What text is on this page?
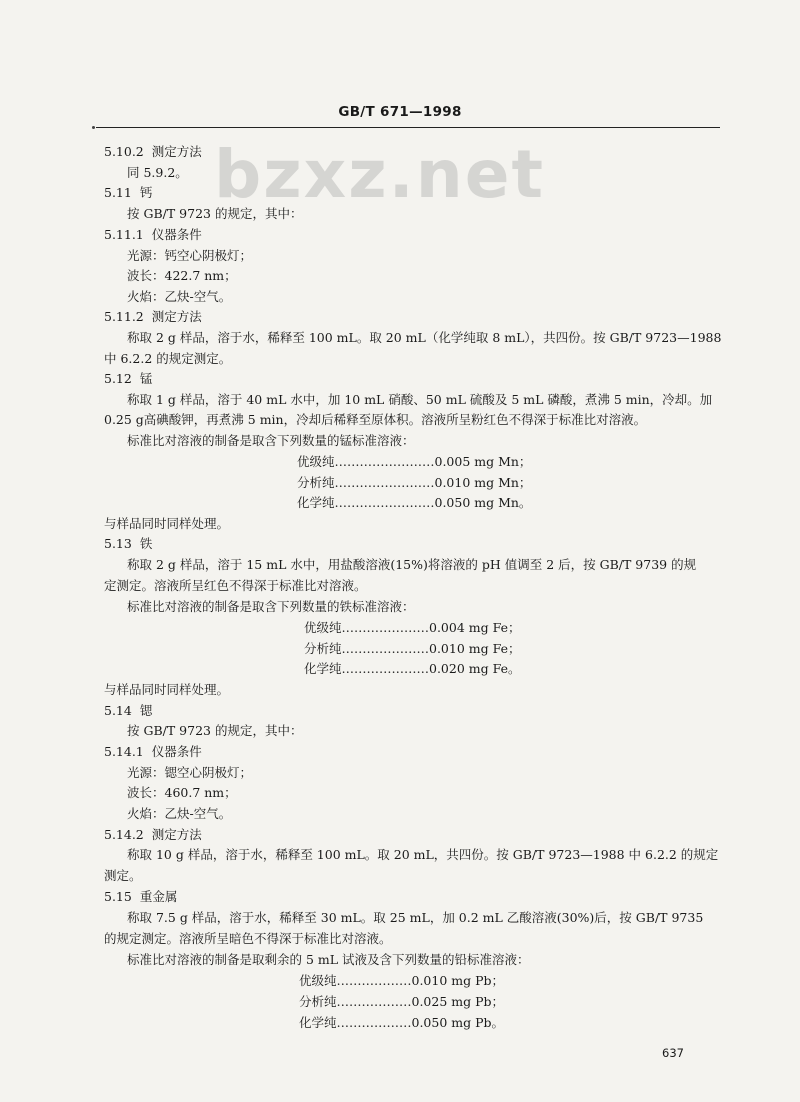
bzxz.net
GB/T 671—1998
5.10.2 测定方法
同 5.9.2。
5.11 钙
按 GB/T 9723 的规定，其中：
5.11.1 仪器条件
光源：钙空心阴极灯；
波长：422.7 nm；
火焰：乙炔-空气。
5.11.2 测定方法
称取 2 g 样品，溶于水，稀释至 100 mL。取 20 mL（化学纯取 8 mL），共四份。按 GB/T 9723—1988
中 6.2.2 的规定测定。
5.12 锰
称取 1 g 样品，溶于 40 mL 水中，加 10 mL 硝酸、50 mL 硫酸及 5 mL 磷酸，煮沸 5 min，冷却。加
0.25 g高碘酸钾，再煮沸 5 min，冷却后稀释至原体积。溶液所呈粉红色不得深于标准比对溶液。
标准比对溶液的制备是取含下列数量的锰标准溶液：
优级纯……………………0.005 mg Mn；
分析纯……………………0.010 mg Mn；
化学纯……………………0.050 mg Mn。
与样品同时同样处理。
5.13 铁
称取 2 g 样品，溶于 15 mL 水中，用盐酸溶液(15%)将溶液的 pH 值调至 2 后，按 GB/T 9739 的规
定测定。溶液所呈红色不得深于标准比对溶液。
标准比对溶液的制备是取含下列数量的铁标准溶液：
优级纯…………………0.004 mg Fe；
分析纯…………………0.010 mg Fe；
化学纯…………………0.020 mg Fe。
与样品同时同样处理。
5.14 锶
按 GB/T 9723 的规定，其中：
5.14.1 仪器条件
光源：锶空心阴极灯；
波长：460.7 nm；
火焰：乙炔-空气。
5.14.2 测定方法
称取 10 g 样品，溶于水，稀释至 100 mL。取 20 mL，共四份。按 GB/T 9723—1988 中 6.2.2 的规定
测定。
5.15 重金属
称取 7.5 g 样品，溶于水，稀释至 30 mL。取 25 mL，加 0.2 mL 乙酸溶液(30%)后，按 GB/T 9735
的规定测定。溶液所呈暗色不得深于标准比对溶液。
标准比对溶液的制备是取剩余的 5 mL 试液及含下列数量的铅标准溶液：
优级纯………………0.010 mg Pb；
分析纯………………0.025 mg Pb；
化学纯………………0.050 mg Pb。
637
